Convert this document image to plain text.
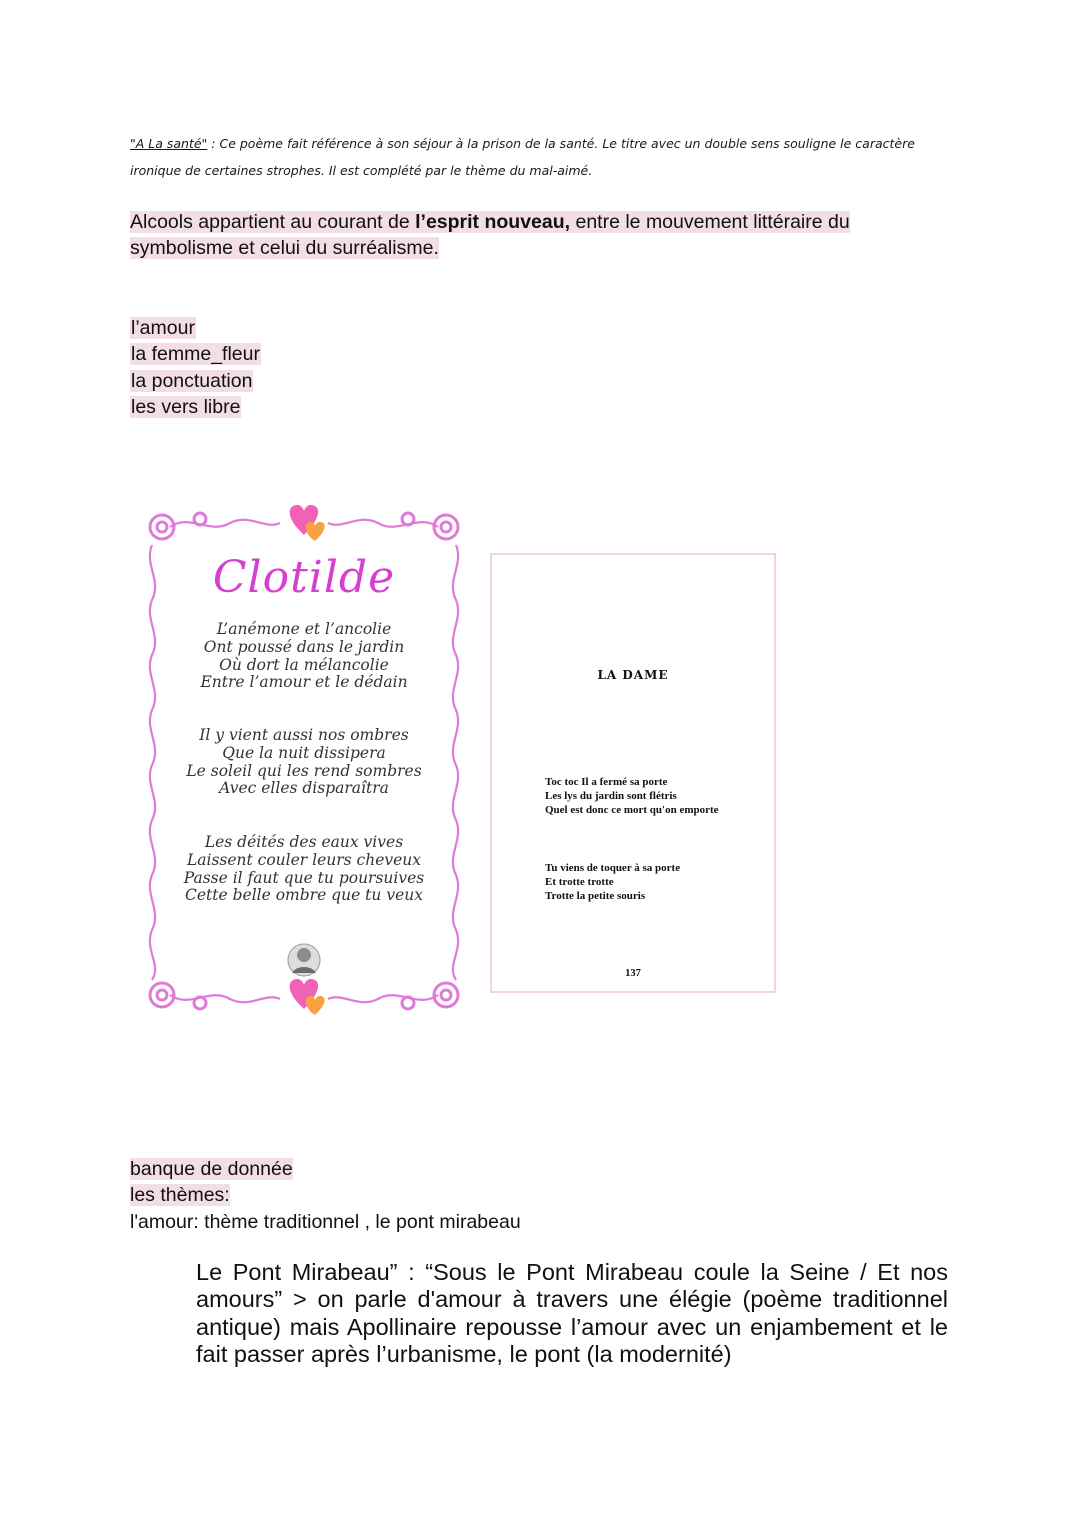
"A La santé" : Ce poème fait référence à son séjour à la prison de la santé. Le titre avec un double sens souligne le caractère ironique de certaines strophes. Il est complété par le thème du mal-aimé.
Alcools appartient au courant de l’esprit nouveau, entre le mouvement littéraire du symbolisme et celui du surréalisme.
l’amour
la femme_fleur
la ponctuation
les vers libre
Clotilde
L’anémone et l’ancolie
Ont poussé dans le jardin
Où dort la mélancolie
Entre l’amour et le dédain
Il y vient aussi nos ombres
Que la nuit dissipera
Le soleil qui les rend sombres
Avec elles disparaîtra
Les déités des eaux vives
Laissent couler leurs cheveux
Passe il faut que tu poursuives
Cette belle ombre que tu veux
LA DAME
Toc toc Il a fermé sa porte
Les lys du jardin sont flétris
Quel est donc ce mort qu'on emporte
Tu viens de toquer à sa porte
Et trotte trotte
Trotte la petite souris
137
banque de donnée
les thèmes:
l'amour: thème traditionnel , le pont mirabeau
Le Pont Mirabeau” : “Sous le Pont Mirabeau coule la Seine / Et nos amours” > on parle d'amour à travers une élégie (poème traditionnel antique) mais Apollinaire repousse l’amour avec un enjambement et le fait passer après l’urbanisme, le pont (la modernité)
